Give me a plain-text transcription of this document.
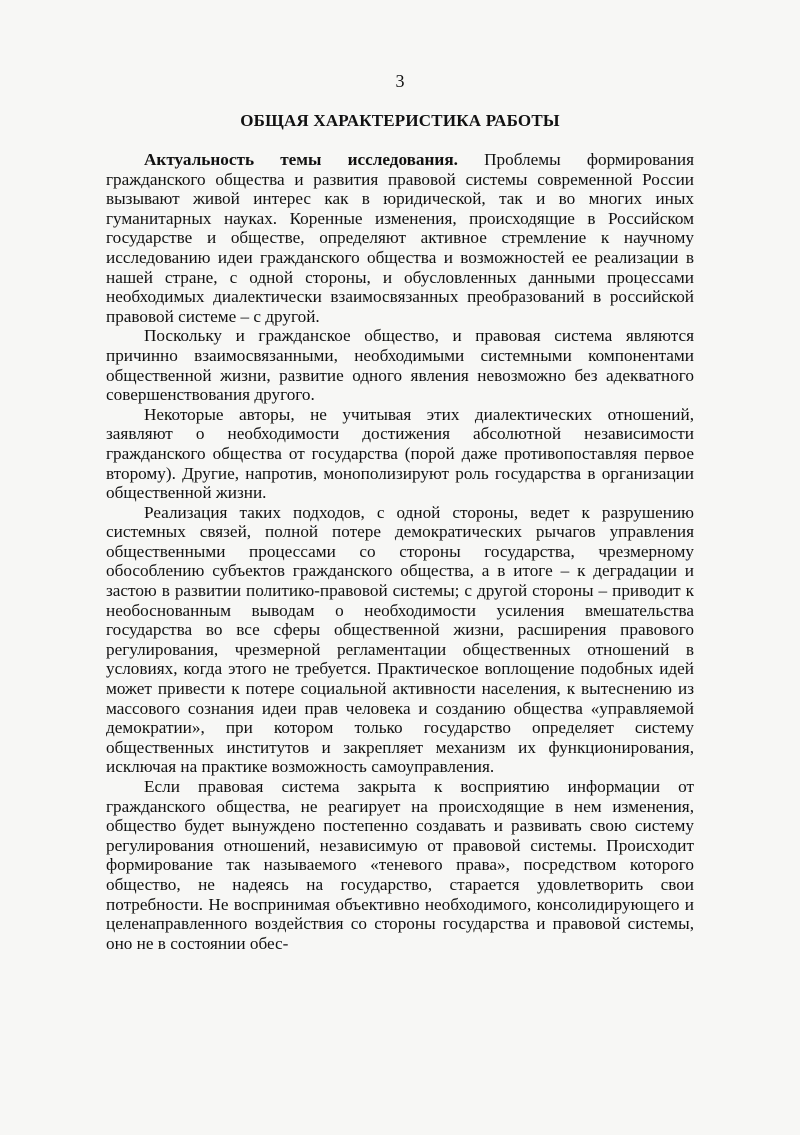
3
ОБЩАЯ ХАРАКТЕРИСТИКА РАБОТЫ

Актуальность темы исследования. Проблемы формирования гражданского общества и развития правовой системы современной России вызывают живой интерес как в юридической, так и во многих иных гуманитарных науках. Коренные изменения, происходящие в Российском государстве и обществе, определяют активное стремление к научному исследованию идеи гражданского общества и возможностей ее реализации в нашей стране, с одной стороны, и обусловленных данными процессами необходимых диалектически взаимосвязанных преобразований в российской правовой системе – с другой.

Поскольку и гражданское общество, и правовая система являются причинно взаимосвязанными, необходимыми системными компонентами общественной жизни, развитие одного явления невозможно без адекватного совершенствования другого.

Некоторые авторы, не учитывая этих диалектических отношений, заявляют о необходимости достижения абсолютной независимости гражданского общества от государства (порой даже противопоставляя первое второму). Другие, напротив, монополизируют роль государства в организации общественной жизни.

Реализация таких подходов, с одной стороны, ведет к разрушению системных связей, полной потере демократических рычагов управления общественными процессами со стороны государства, чрезмерному обособлению субъектов гражданского общества, а в итоге – к деградации и застою в развитии политико-правовой системы; с другой стороны – приводит к необоснованным выводам о необходимости усиления вмешательства государства во все сферы общественной жизни, расширения правового регулирования, чрезмерной регламентации общественных отношений в условиях, когда этого не требуется. Практическое воплощение подобных идей может привести к потере социальной активности населения, к вытеснению из массового сознания идеи прав человека и созданию общества «управляемой демократии», при котором только государство определяет систему общественных институтов и закрепляет механизм их функционирования, исключая на практике возможность самоуправления.

Если правовая система закрыта к восприятию информации от гражданского общества, не реагирует на происходящие в нем изменения, общество будет вынуждено постепенно создавать и развивать свою систему регулирования отношений, независимую от правовой системы. Происходит формирование так называемого «теневого права», посредством которого общество, не надеясь на государство, старается удовлетворить свои потребности. Не воспринимая объективно необходимого, консолидирующего и целенаправленного воздействия со стороны государства и правовой системы, оно не в состоянии обес-
